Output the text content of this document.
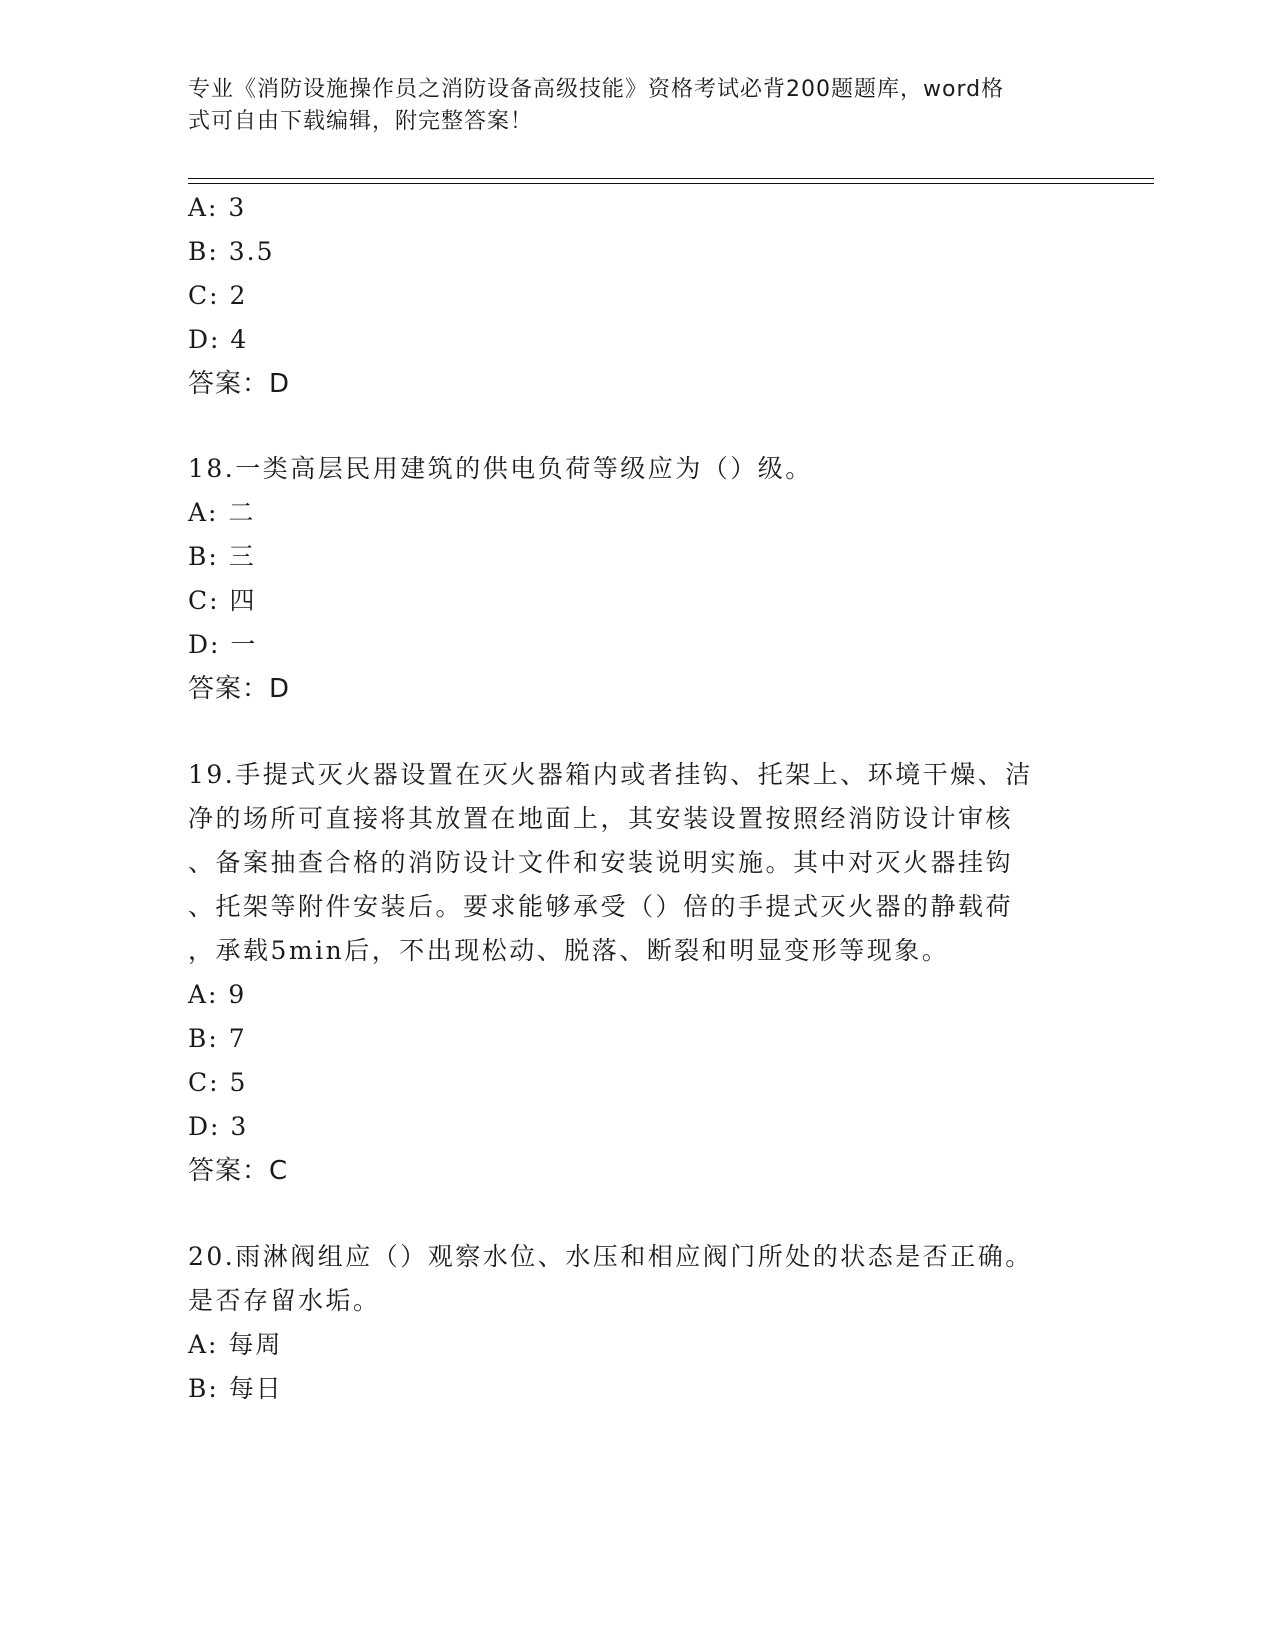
专业《消防设施操作员之消防设备高级技能》资格考试必背200题题库，word格
式可自由下载编辑，附完整答案！
A: 3
B: 3.5
C: 2
D: 4
答案：D
18.一类高层民用建筑的供电负荷等级应为（）级。
A: 二
B: 三
C: 四
D: 一
答案：D
19.手提式灭火器设置在灭火器箱内或者挂钩、托架上、环境干燥、洁
净的场所可直接将其放置在地面上，其安装设置按照经消防设计审核
、备案抽查合格的消防设计文件和安装说明实施。其中对灭火器挂钩
、托架等附件安装后。要求能够承受（）倍的手提式灭火器的静载荷
，承载5min后，不出现松动、脱落、断裂和明显变形等现象。
A: 9
B: 7
C: 5
D: 3
答案：C
20.雨淋阀组应（）观察水位、水压和相应阀门所处的状态是否正确。
是否存留水垢。
A: 每周
B: 每日
